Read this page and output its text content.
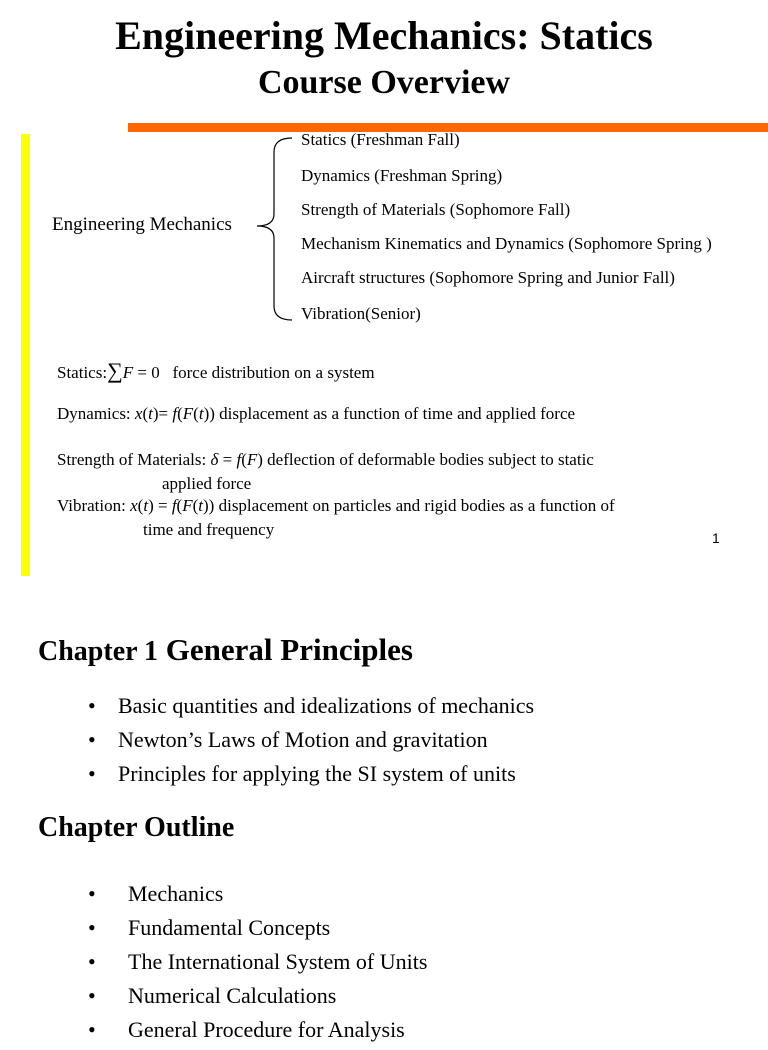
Engineering Mechanics: Statics
Course Overview
Engineering Mechanics
Statics (Freshman Fall)
Dynamics (Freshman Spring)
Strength of Materials (Sophomore Fall)
Mechanism Kinematics and Dynamics (Sophomore Spring )
Aircraft structures (Sophomore Spring and Junior Fall)
Vibration(Senior)
Statics:∑F = 0   force distribution on a system
Dynamics: x(t)= f(F(t)) displacement as a function of time and applied force
Strength of Materials: δ = f(F) deflection of deformable bodies subject to static
applied force
Vibration: x(t) = f(F(t)) displacement on particles and rigid bodies as a function of
time and frequency	1
Chapter 1 General Principles
• Basic quantities and idealizations of mechanics
• Newton’s Laws of Motion and gravitation
• Principles for applying the SI system of units
Chapter Outline
• Mechanics
• Fundamental Concepts
• The International System of Units
• Numerical Calculations
• General Procedure for Analysis
